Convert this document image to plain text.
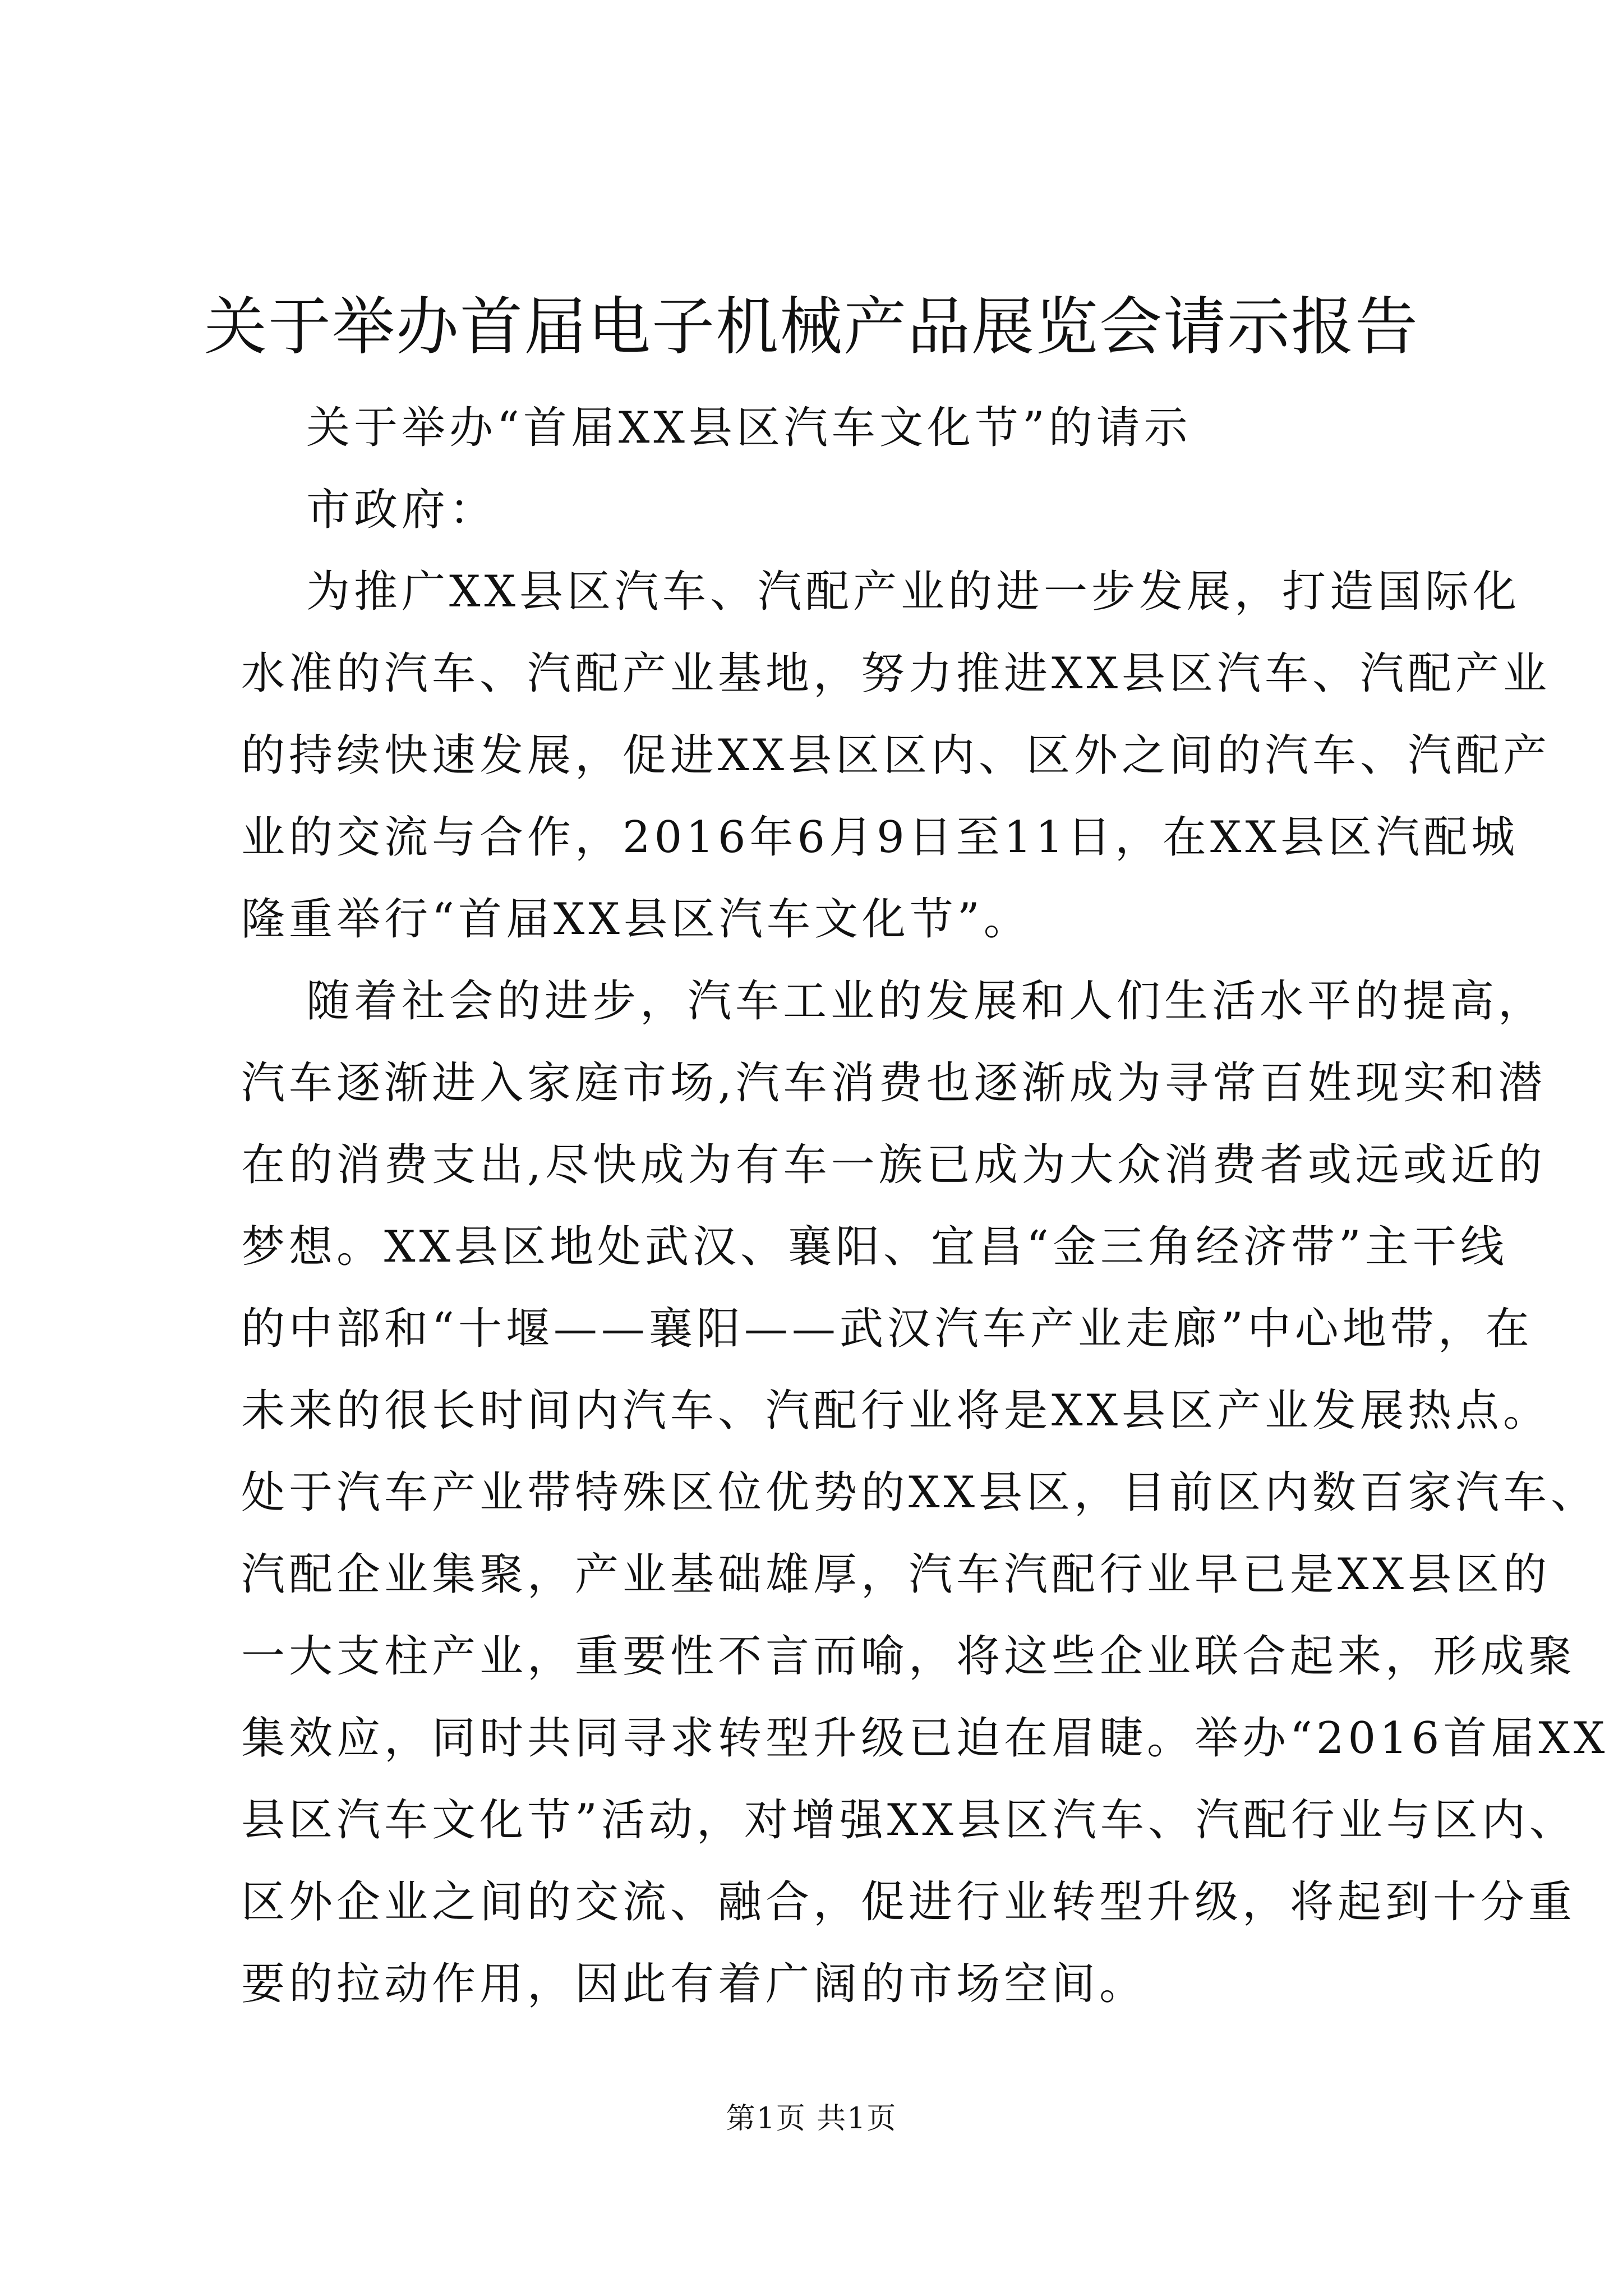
关于举办首届电子机械产品展览会请示报告

关于举办“首届XX县区汽车文化节”的请示

市政府：

为推广XX县区汽车、汽配产业的进一步发展，打造国际化
水准的汽车、汽配产业基地，努力推进XX县区汽车、汽配产业
的持续快速发展，促进XX县区区内、区外之间的汽车、汽配产
业的交流与合作，2016年6月9日至11日，在XX县区汽配城
隆重举行“首届XX县区汽车文化节”。

随着社会的进步，汽车工业的发展和人们生活水平的提高，
汽车逐渐进入家庭市场,汽车消费也逐渐成为寻常百姓现实和潜
在的消费支出,尽快成为有车一族已成为大众消费者或远或近的
梦想。XX县区地处武汉、襄阳、宜昌“金三角经济带”主干线
的中部和“十堰——襄阳——武汉汽车产业走廊”中心地带，在
未来的很长时间内汽车、汽配行业将是XX县区产业发展热点。
处于汽车产业带特殊区位优势的XX县区，目前区内数百家汽车、
汽配企业集聚，产业基础雄厚，汽车汽配行业早已是XX县区的
一大支柱产业，重要性不言而喻，将这些企业联合起来，形成聚
集效应，同时共同寻求转型升级已迫在眉睫。举办“2016首届XX
县区汽车文化节”活动，对增强XX县区汽车、汽配行业与区内、
区外企业之间的交流、融合，促进行业转型升级，将起到十分重
要的拉动作用，因此有着广阔的市场空间。

第1页 共1页
